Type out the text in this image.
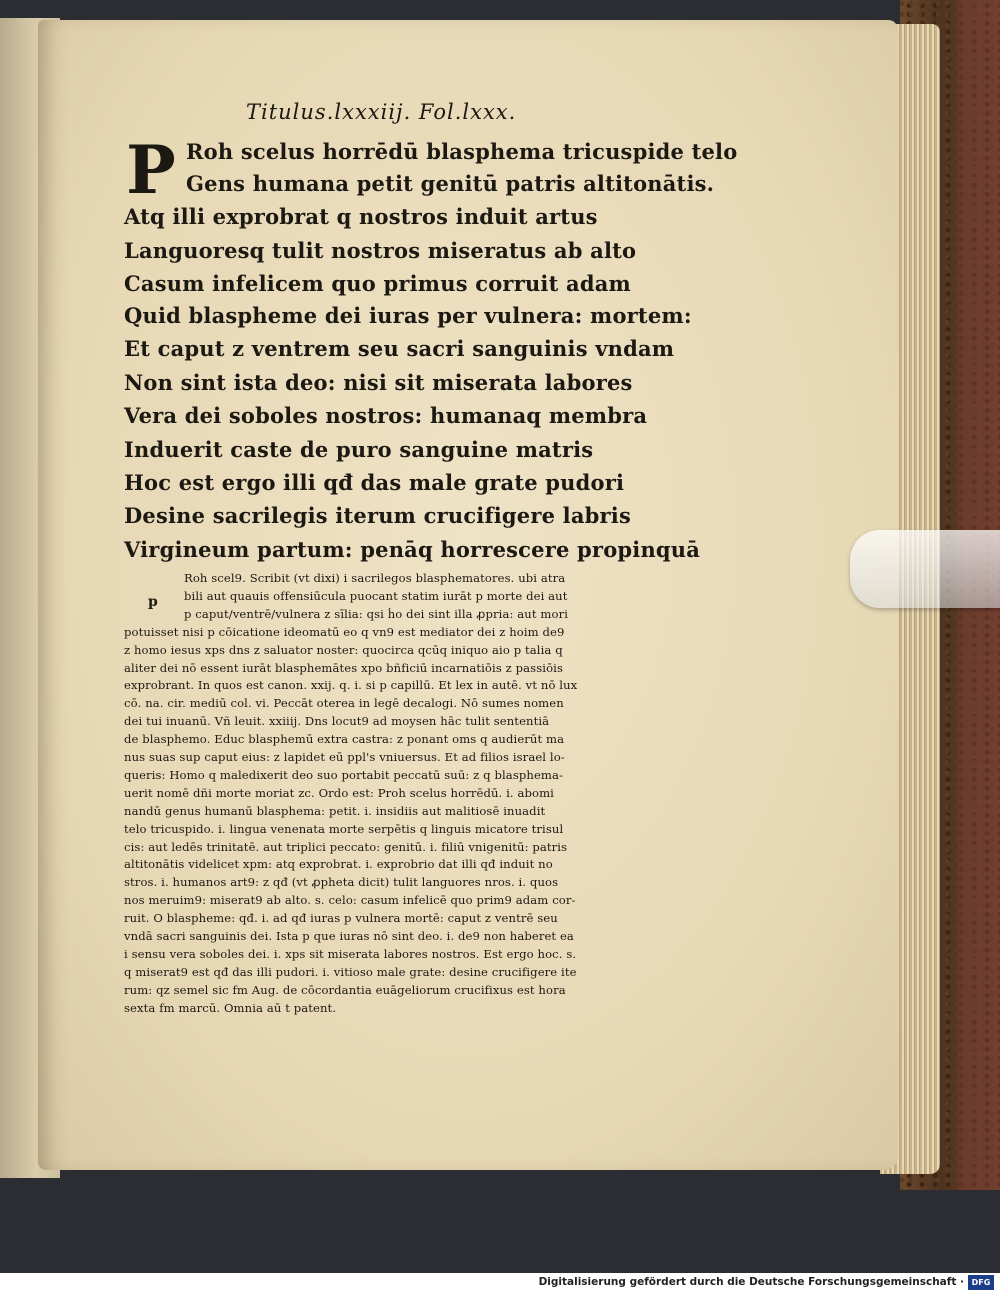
Titulus.lxxxiij. Fol.lxxx.
P Roh scelus horrēdū blasphema tricuspide telo
Gens humana petit genitū patris altitonātis.
Atq illi exprobrat q nostros induit artus
Languoresq tulit nostros miseratus ab alto
Casum infelicem quo primus corruit adam
Quid blaspheme dei iuras per vulnera: mortem:
Et caput z ventrem seu sacri sanguinis vndam
Non sint ista deo: nisi sit miserata labores
Vera dei soboles nostros: humanaq membra
Induerit caste de puro sanguine matris
Hoc est ergo illi qđ das male grate pudori
Desine sacrilegis iterum crucifigere labris
Virgineum partum: penāq horrescere propinquā
p
Roh scel9. Scribit (vt dixi) i sacrilegos blasphematores. ubi atra
bili aut quauis offensiūcula puocant statim iurāt p morte dei aut
p caput/ventrē/vulnera z sīlia: qsi ḣo dei sint illa ꝓpria: aut mori
potuisset nisi p cōicatione ideomatū eo q vn9 est mediator dei z hoim de9
z homo iesus xps dns z saluator noster: quocirca qcūq iniquo aio p talia q
aliter dei nō essent iurāt blasphemātes xpo bñficiū incarnatiōis z passiōis
exprobrant. In quos est canon. xxij. q. i. si p capillū. Et lex in autē. vt nō lux
cō. na. cir. mediū col. vi. Peccāt oterea in legē decalogi. Nō sumes nomen
dei tui inuanū. Vñ leuit. xxiiij. Dns locut9 ad moysen hāc tulit sententiā
de blasphemo. Educ blasphemū extra castra: z ponant oms q audierūt ma
nus suas sup caput eius: z lapidet eū ppl's vniuersus. Et ad filios israel lo-
queris: Homo q maledixerit deo suo portabit peccatū suū: z q blasphema-
uerit nomē dñi morte moriat zc. Ordo est: Proh scelus horrēdū. i. abomi
nandū genus humanū blasphema: petit. i. insidiis aut malitiosē inuadit
telo tricuspido. i. lingua venenata morte serpētis q linguis micatore trisul
cis: aut ledēs trinitatē. aut triplici peccato: genitū. i. filiū vnigenitū: patris
altitonātis videlicet xpm: atq exprobrat. i. exprobrio dat illi qđ induit no
stros. i. humanos art9: z qđ (vt ꝓpheta dicit) tulit languores nros. i. quos
nos meruim9: miserat9 ab alto. s. celo: casum infelicē quo prim9 adam cor-
ruit. O blaspheme: qđ. i. ad qđ iuras p vulnera mortē: caput z ventrē seu
vndā sacri sanguinis dei. Ista p que iuras nō sint deo. i. de9 non haberet ea
i sensu vera soboles dei. i. xps sit miserata labores nostros. Est ergo hoc. s.
q miserat9 est qđ das illi pudori. i. vitioso male grate: desine crucifigere ite
rum: qz semel sic fm Aug. de cōcordantia euāgeliorum crucifixus est hora
sexta fm marcū. Omnia aū t patent.
Digitalisierung gefördert durch die Deutsche Forschungsgemeinschaft · DFG
